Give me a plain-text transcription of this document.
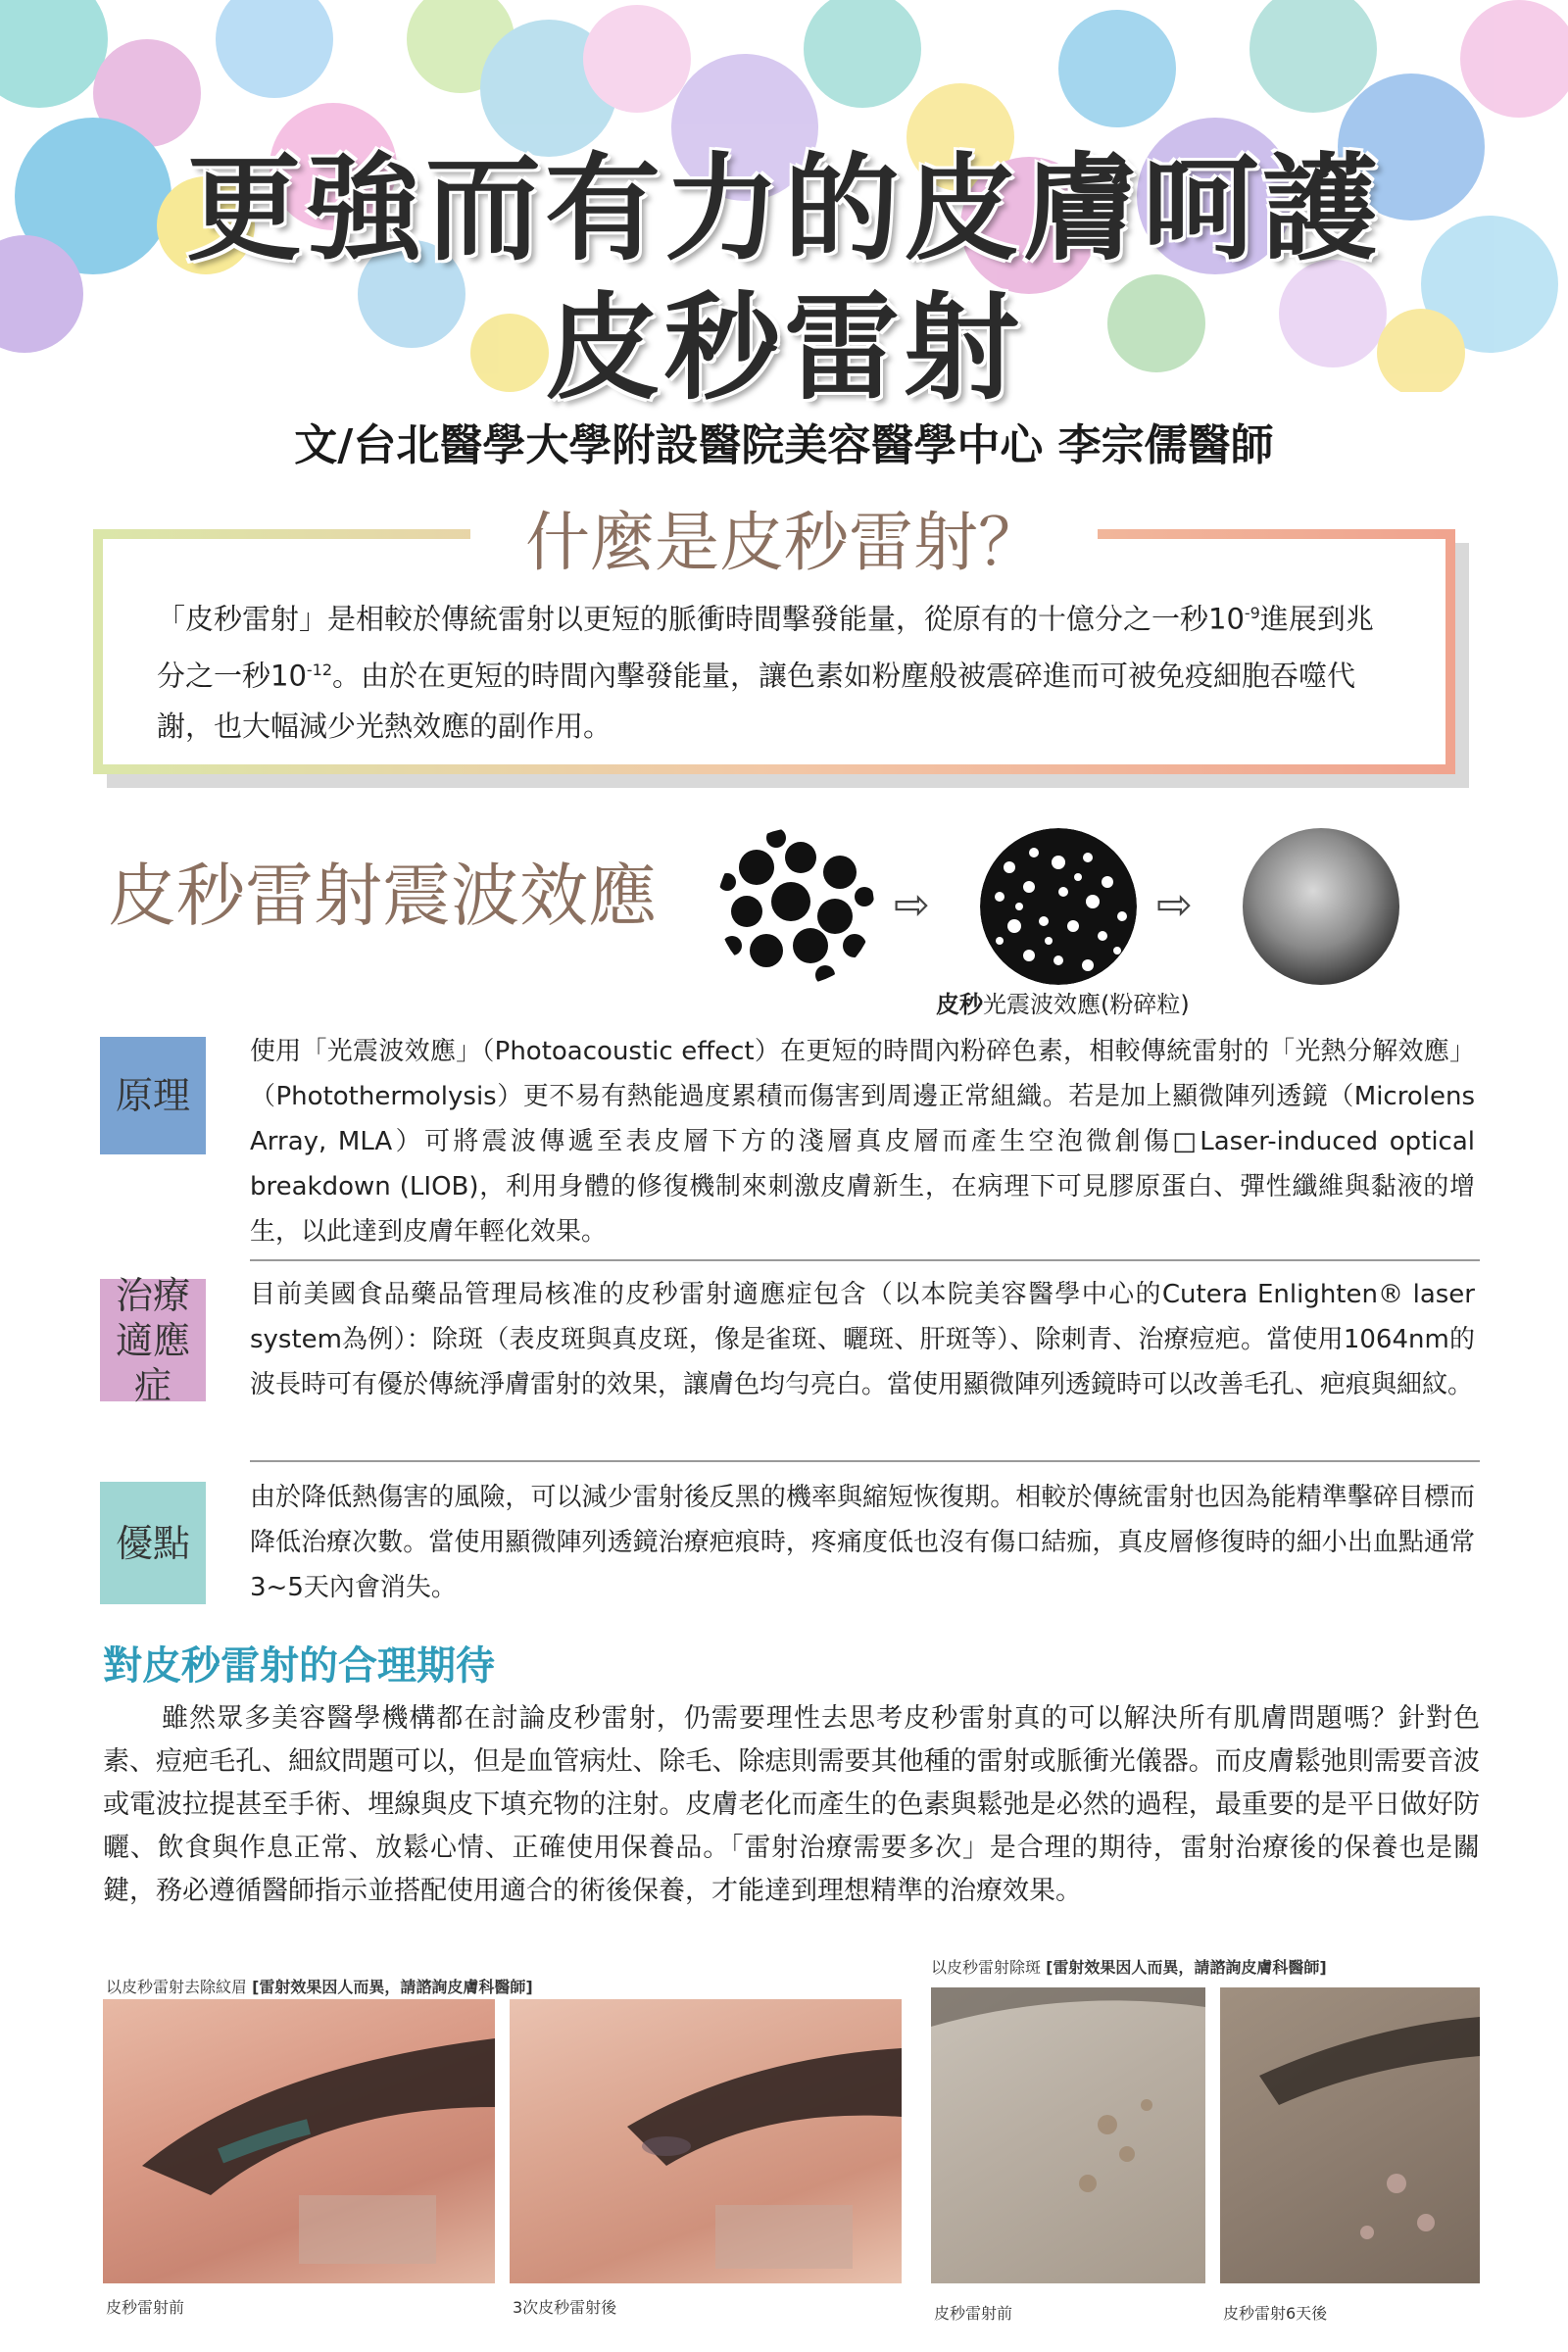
更強而有力的皮膚呵護
皮秒雷射
文/台北醫學大學附設醫院美容醫學中心 李宗儒醫師
什麼是皮秒雷射？
「皮秒雷射」是相較於傳統雷射以更短的脈衝時間擊發能量，從原有的十億分之一秒$10^{-9}$進展到兆分之一秒$10^{-12}$。由於在更短的時間內擊發能量，讓色素如粉塵般被震碎進而可被免疫細胞吞噬代謝，也大幅減少光熱效應的副作用。
皮秒雷射震波效應	⇨	⇨
皮秒光震波效應(粉碎粒)
原理
使用「光震波效應」（Photoacoustic effect）在更短的時間內粉碎色素，相較傳統雷射的「光熱分解效應」（Photothermolysis）更不易有熱能過度累積而傷害到周邊正常組織。若是加上顯微陣列透鏡（Microlens Array, MLA）可將震波傳遞至表皮層下方的淺層真皮層而產生空泡微創傷□Laser-induced optical breakdown (LIOB)，利用身體的修復機制來刺激皮膚新生，在病理下可見膠原蛋白、彈性纖維與黏液的增生，以此達到皮膚年輕化效果。
治療
適應症
目前美國食品藥品管理局核准的皮秒雷射適應症包含（以本院美容醫學中心的Cutera Enlighten® laser system為例）：除斑（表皮斑與真皮斑，像是雀斑、曬斑、肝斑等）、除刺青、治療痘疤。當使用1064nm的波長時可有優於傳統淨膚雷射的效果，讓膚色均勻亮白。當使用顯微陣列透鏡時可以改善毛孔、疤痕與細紋。
優點
由於降低熱傷害的風險，可以減少雷射後反黑的機率與縮短恢復期。相較於傳統雷射也因為能精準擊碎目標而降低治療次數。當使用顯微陣列透鏡治療疤痕時，疼痛度低也沒有傷口結痂，真皮層修復時的細小出血點通常3~5天內會消失。
對皮秒雷射的合理期待
雖然眾多美容醫學機構都在討論皮秒雷射，仍需要理性去思考皮秒雷射真的可以解決所有肌膚問題嗎？針對色素、痘疤毛孔、細紋問題可以，但是血管病灶、除毛、除痣則需要其他種的雷射或脈衝光儀器。而皮膚鬆弛則需要音波或電波拉提甚至手術、埋線與皮下填充物的注射。皮膚老化而產生的色素與鬆弛是必然的過程，最重要的是平日做好防曬、飲食與作息正常、放鬆心情、正確使用保養品。「雷射治療需要多次」是合理的期待，雷射治療後的保養也是關鍵，務必遵循醫師指示並搭配使用適合的術後保養，才能達到理想精準的治療效果。
以皮秒雷射去除紋眉 [雷射效果因人而異，請諮詢皮膚科醫師]
以皮秒雷射除斑 [雷射效果因人而異，請諮詢皮膚科醫師]
皮秒雷射前	3次皮秒雷射後	皮秒雷射前	皮秒雷射6天後
